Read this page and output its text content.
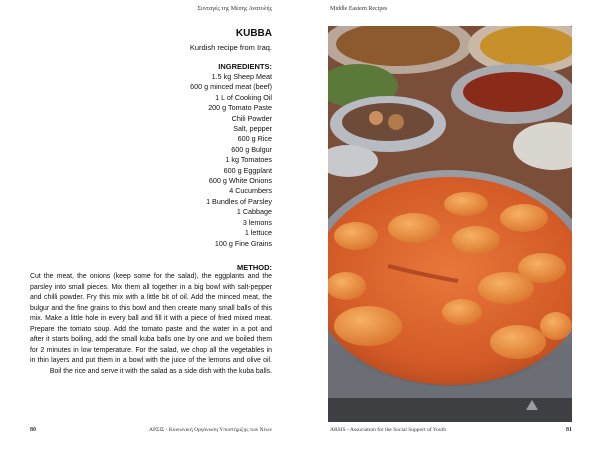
Συνταγές της Μέσης Ανατολής
KUBBA
Kurdish recipe from Iraq.
INGREDIENTS:
1.5 kg Sheep Meat
600 g minced meat (beef)
1 L of Cooking Oil
200 g Tomato Paste
Chili Powder
Salt, pepper
600 g Rice
600 g Bulgur
1 kg Tomatoes
600 g Eggplant
600 g White Onions
4 Cucumbers
1 Bundles of Parsley
1 Cabbage
3 lemons
1 lettuce
100 g Fine Grains
METHOD:
Cut the meat, the onions (keep some for the salad), the eggplants and the parsley into small pieces. Mix them all together in a big bowl with salt-pepper and chilli powder. Fry this mix with a little bit of oil. Add the minced meat, the bulgur and the fine grains to this bowl and then create many small balls of this mix. Make a little hole in every ball and fill it with a piece of fried mixed meat. Prepare the tomato soup. Add the tomato paste and the water in a pot and after it starts boiling, add the small kuba balls one by one and we boiled them for 2 minutes in low temperature. For the salad, we chop all the vegetables in in thin layers and put them in a bowl with the juice of the lemons and olive oil. Boil the rice and serve it with the salad as a side dish with the kuba balls.
80	ΑΡΣΙΣ - Κοινωνική Οργάνωση Υποστήριξης των Νέων
Middle Eastern Recipes
ARSIS - Association for the Social Support of Youth	81
